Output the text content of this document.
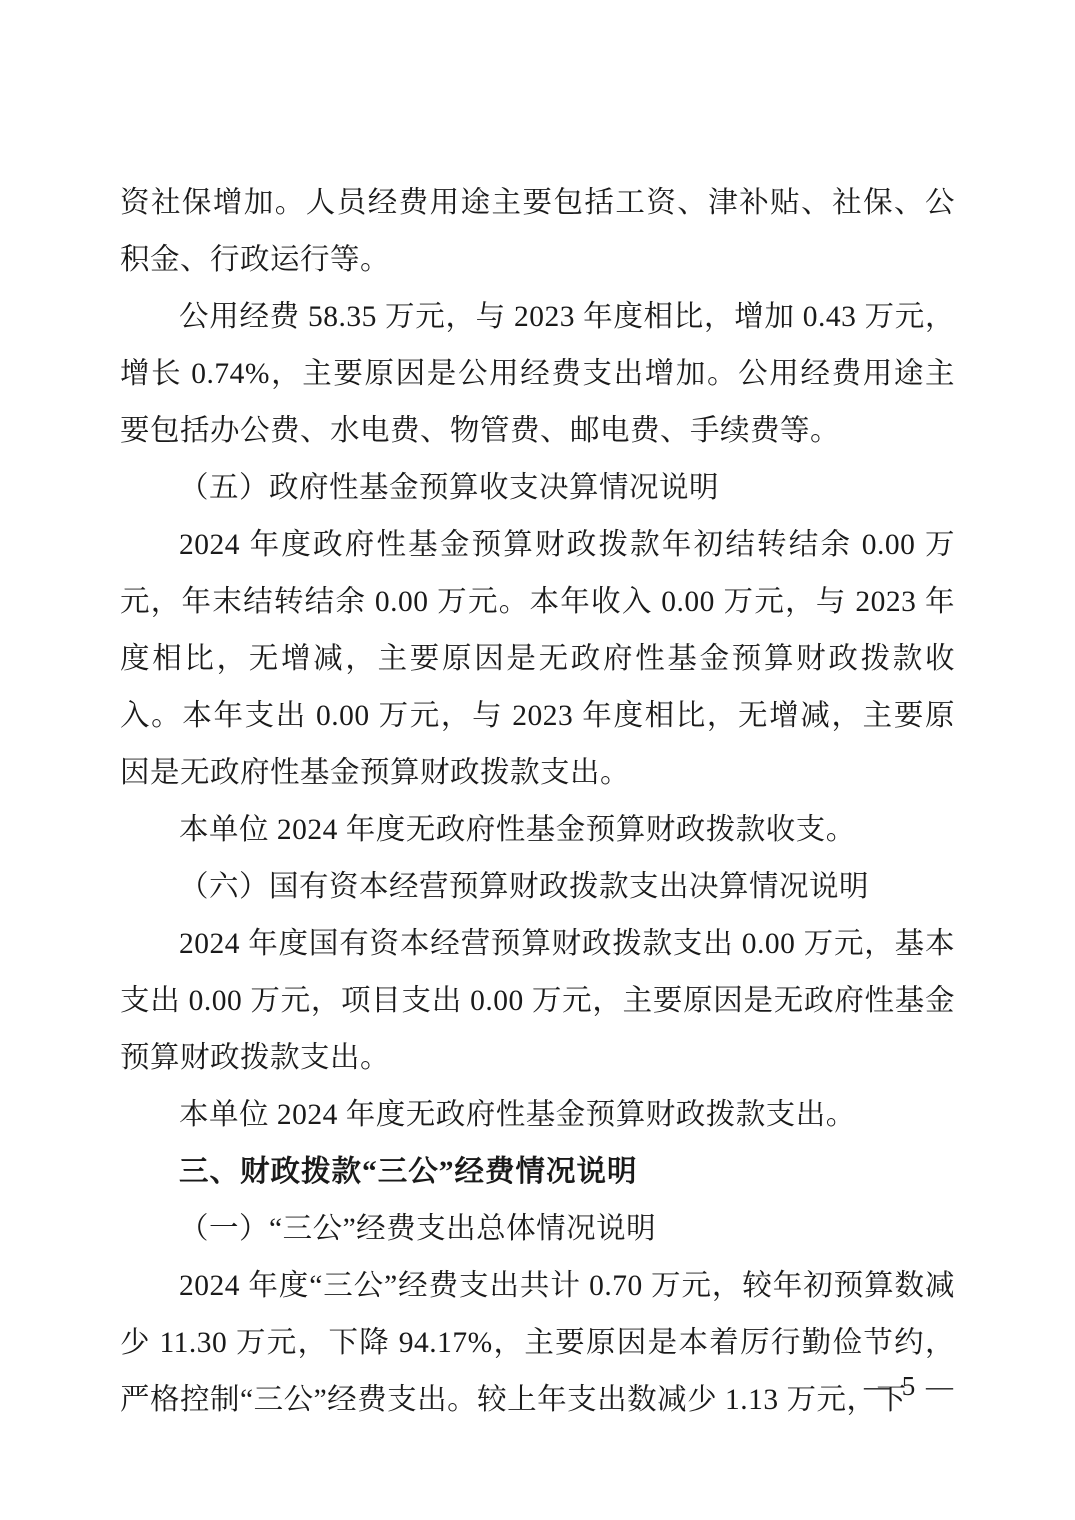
资社保增加。人员经费用途主要包括工资、津补贴、社保、公积金、行政运行等。

公用经费 58.35 万元，与 2023 年度相比，增加 0.43 万元，增长 0.74%，主要原因是公用经费支出增加。公用经费用途主要包括办公费、水电费、物管费、邮电费、手续费等。

（五）政府性基金预算收支决算情况说明

2024 年度政府性基金预算财政拨款年初结转结余 0.00 万元，年末结转结余 0.00 万元。本年收入 0.00 万元，与 2023 年度相比，无增减，主要原因是无政府性基金预算财政拨款收入。本年支出 0.00 万元，与 2023 年度相比，无增减，主要原因是无政府性基金预算财政拨款支出。

本单位 2024 年度无政府性基金预算财政拨款收支。

（六）国有资本经营预算财政拨款支出决算情况说明

2024 年度国有资本经营预算财政拨款支出 0.00 万元，基本支出 0.00 万元，项目支出 0.00 万元，主要原因是无政府性基金预算财政拨款支出。

本单位 2024 年度无政府性基金预算财政拨款支出。

三、财政拨款“三公”经费情况说明

（一）“三公”经费支出总体情况说明

2024 年度“三公”经费支出共计 0.70 万元，较年初预算数减少 11.30 万元，下降 94.17%，主要原因是本着厉行勤俭节约，严格控制“三公”经费支出。较上年支出数减少 1.13 万元，下

— 5 —
